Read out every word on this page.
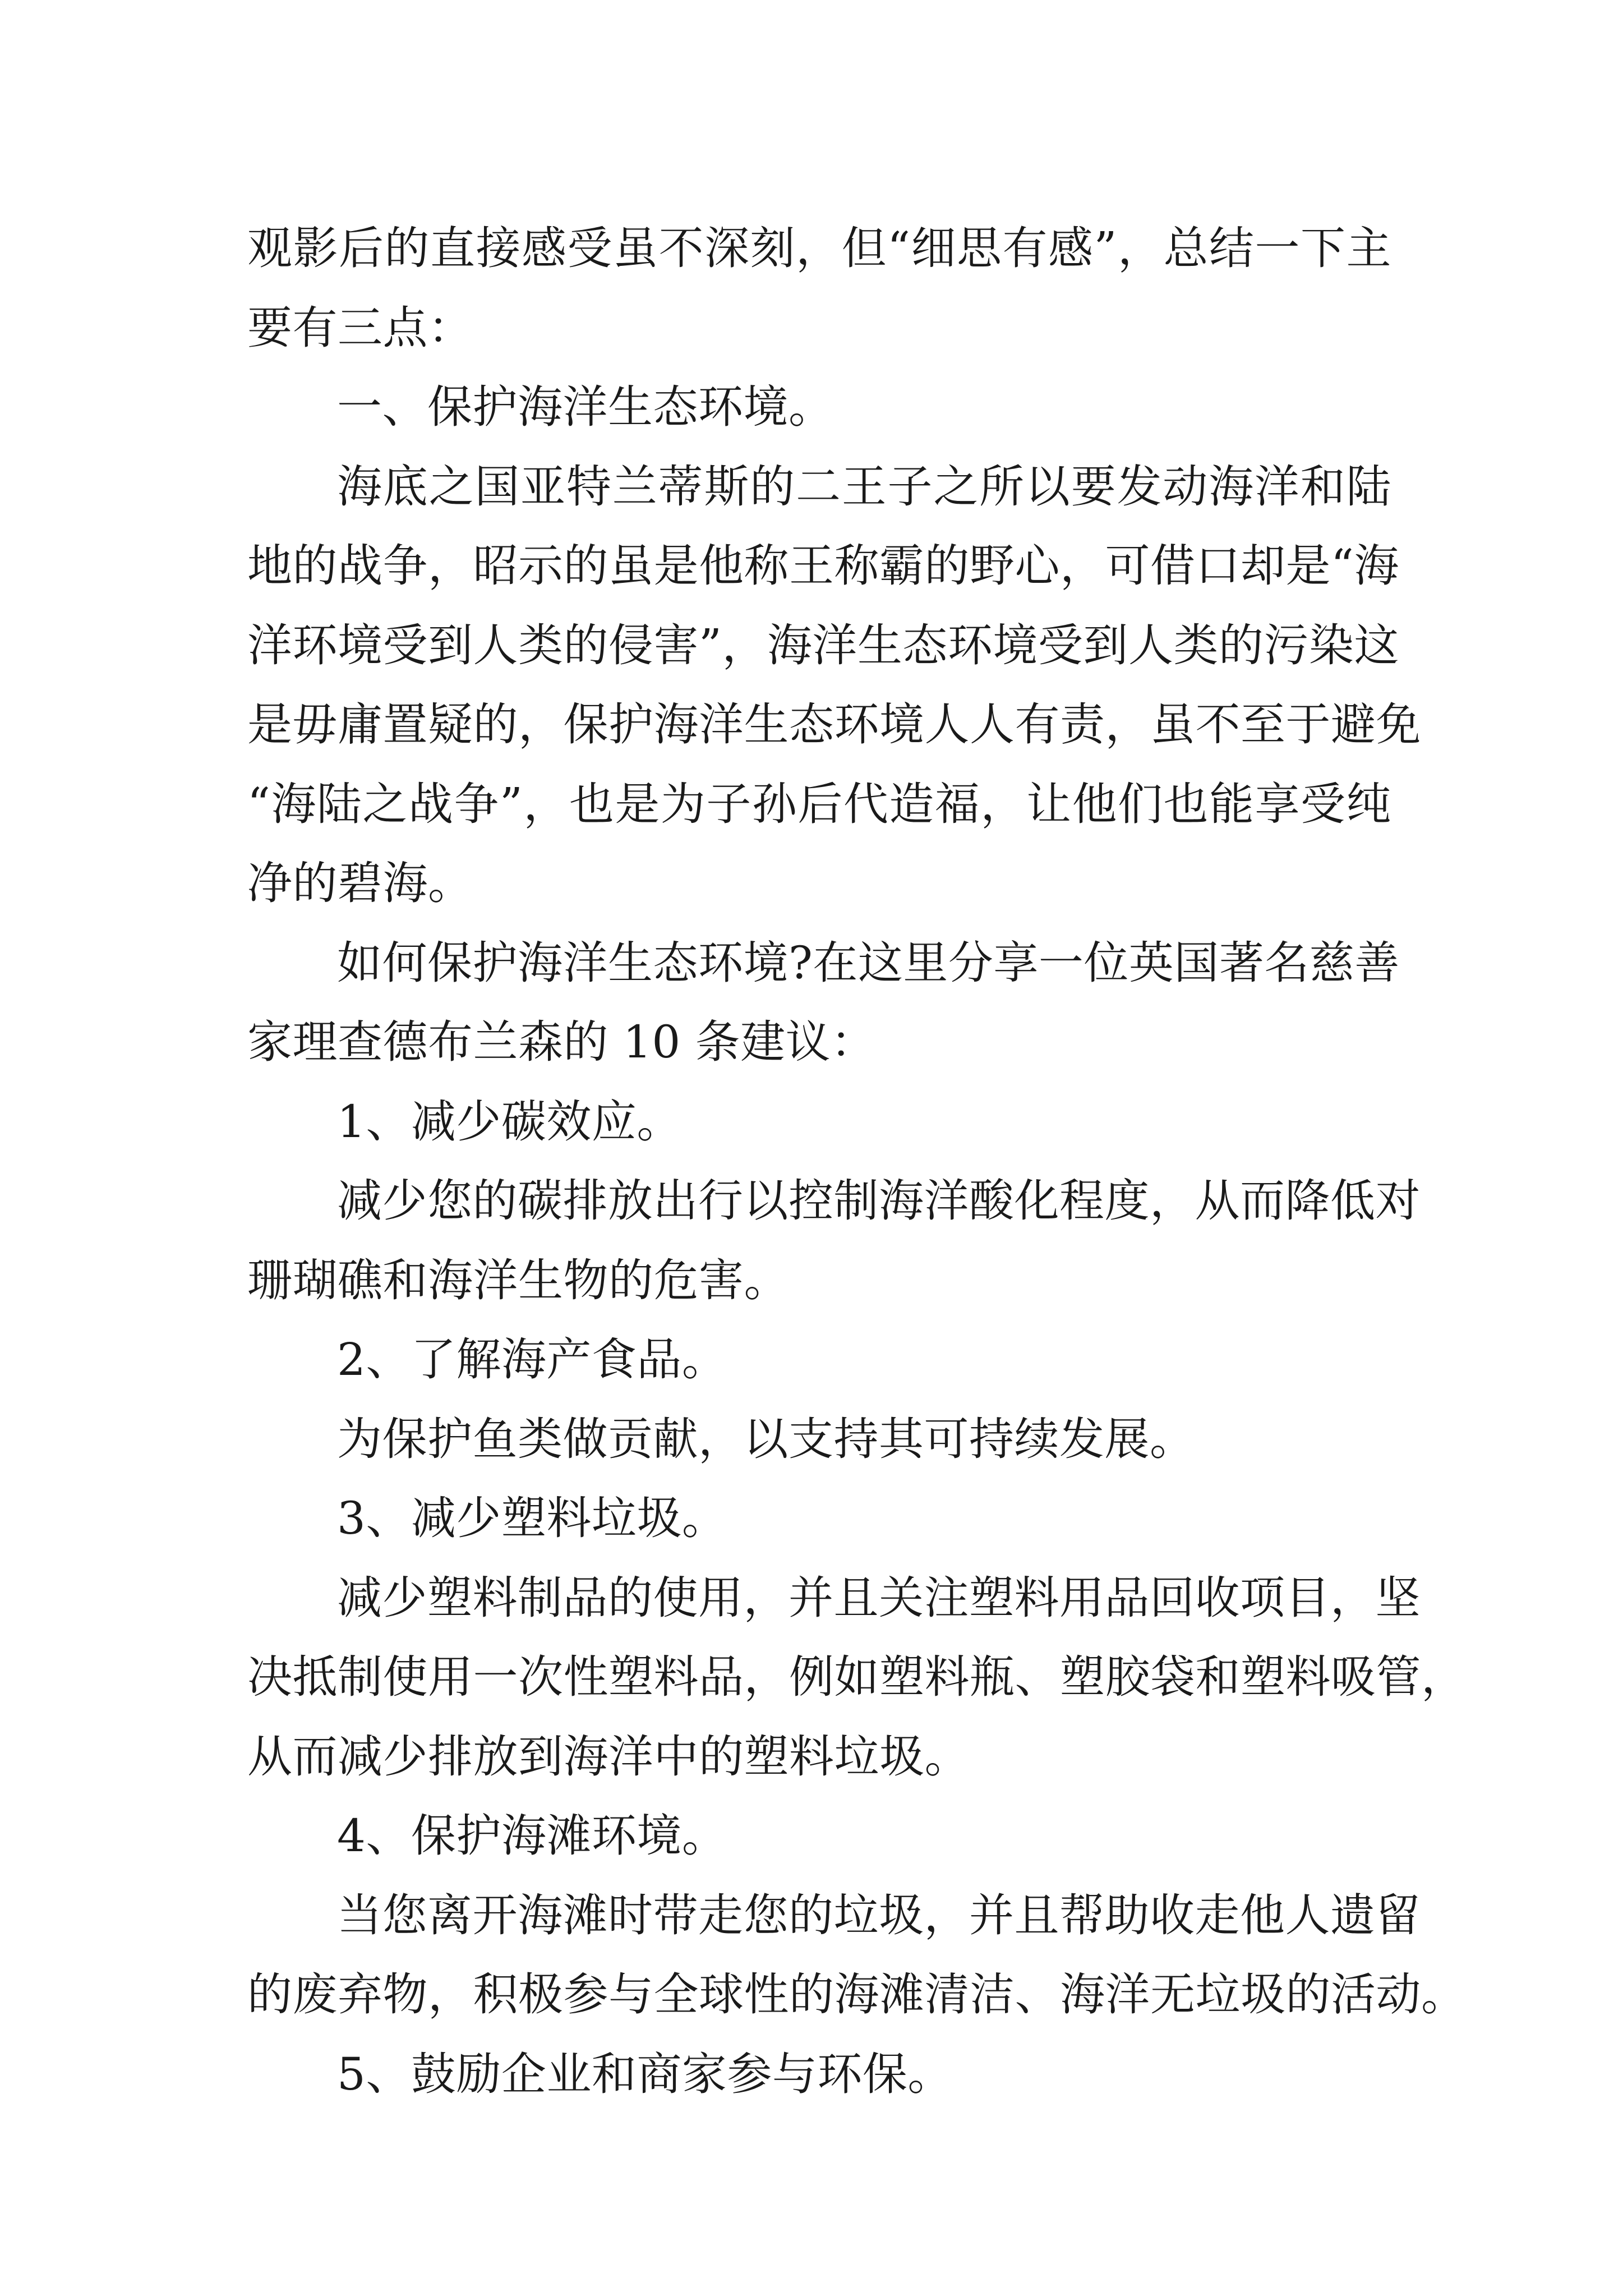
观影后的直接感受虽不深刻，但“细思有感”，总结一下主
要有三点：
一、保护海洋生态环境。
海底之国亚特兰蒂斯的二王子之所以要发动海洋和陆
地的战争，昭示的虽是他称王称霸的野心，可借口却是“海
洋环境受到人类的侵害”，海洋生态环境受到人类的污染这
是毋庸置疑的，保护海洋生态环境人人有责，虽不至于避免
“海陆之战争”，也是为子孙后代造福，让他们也能享受纯
净的碧海。
如何保护海洋生态环境?在这里分享一位英国著名慈善
家理查德布兰森的 10 条建议：
1、减少碳效应。
减少您的碳排放出行以控制海洋酸化程度，从而降低对
珊瑚礁和海洋生物的危害。
2、了解海产食品。
为保护鱼类做贡献，以支持其可持续发展。
3、减少塑料垃圾。
减少塑料制品的使用，并且关注塑料用品回收项目，坚
决抵制使用一次性塑料品，例如塑料瓶、塑胶袋和塑料吸管，
从而减少排放到海洋中的塑料垃圾。
4、保护海滩环境。
当您离开海滩时带走您的垃圾，并且帮助收走他人遗留
的废弃物，积极参与全球性的海滩清洁、海洋无垃圾的活动。
5、鼓励企业和商家参与环保。
